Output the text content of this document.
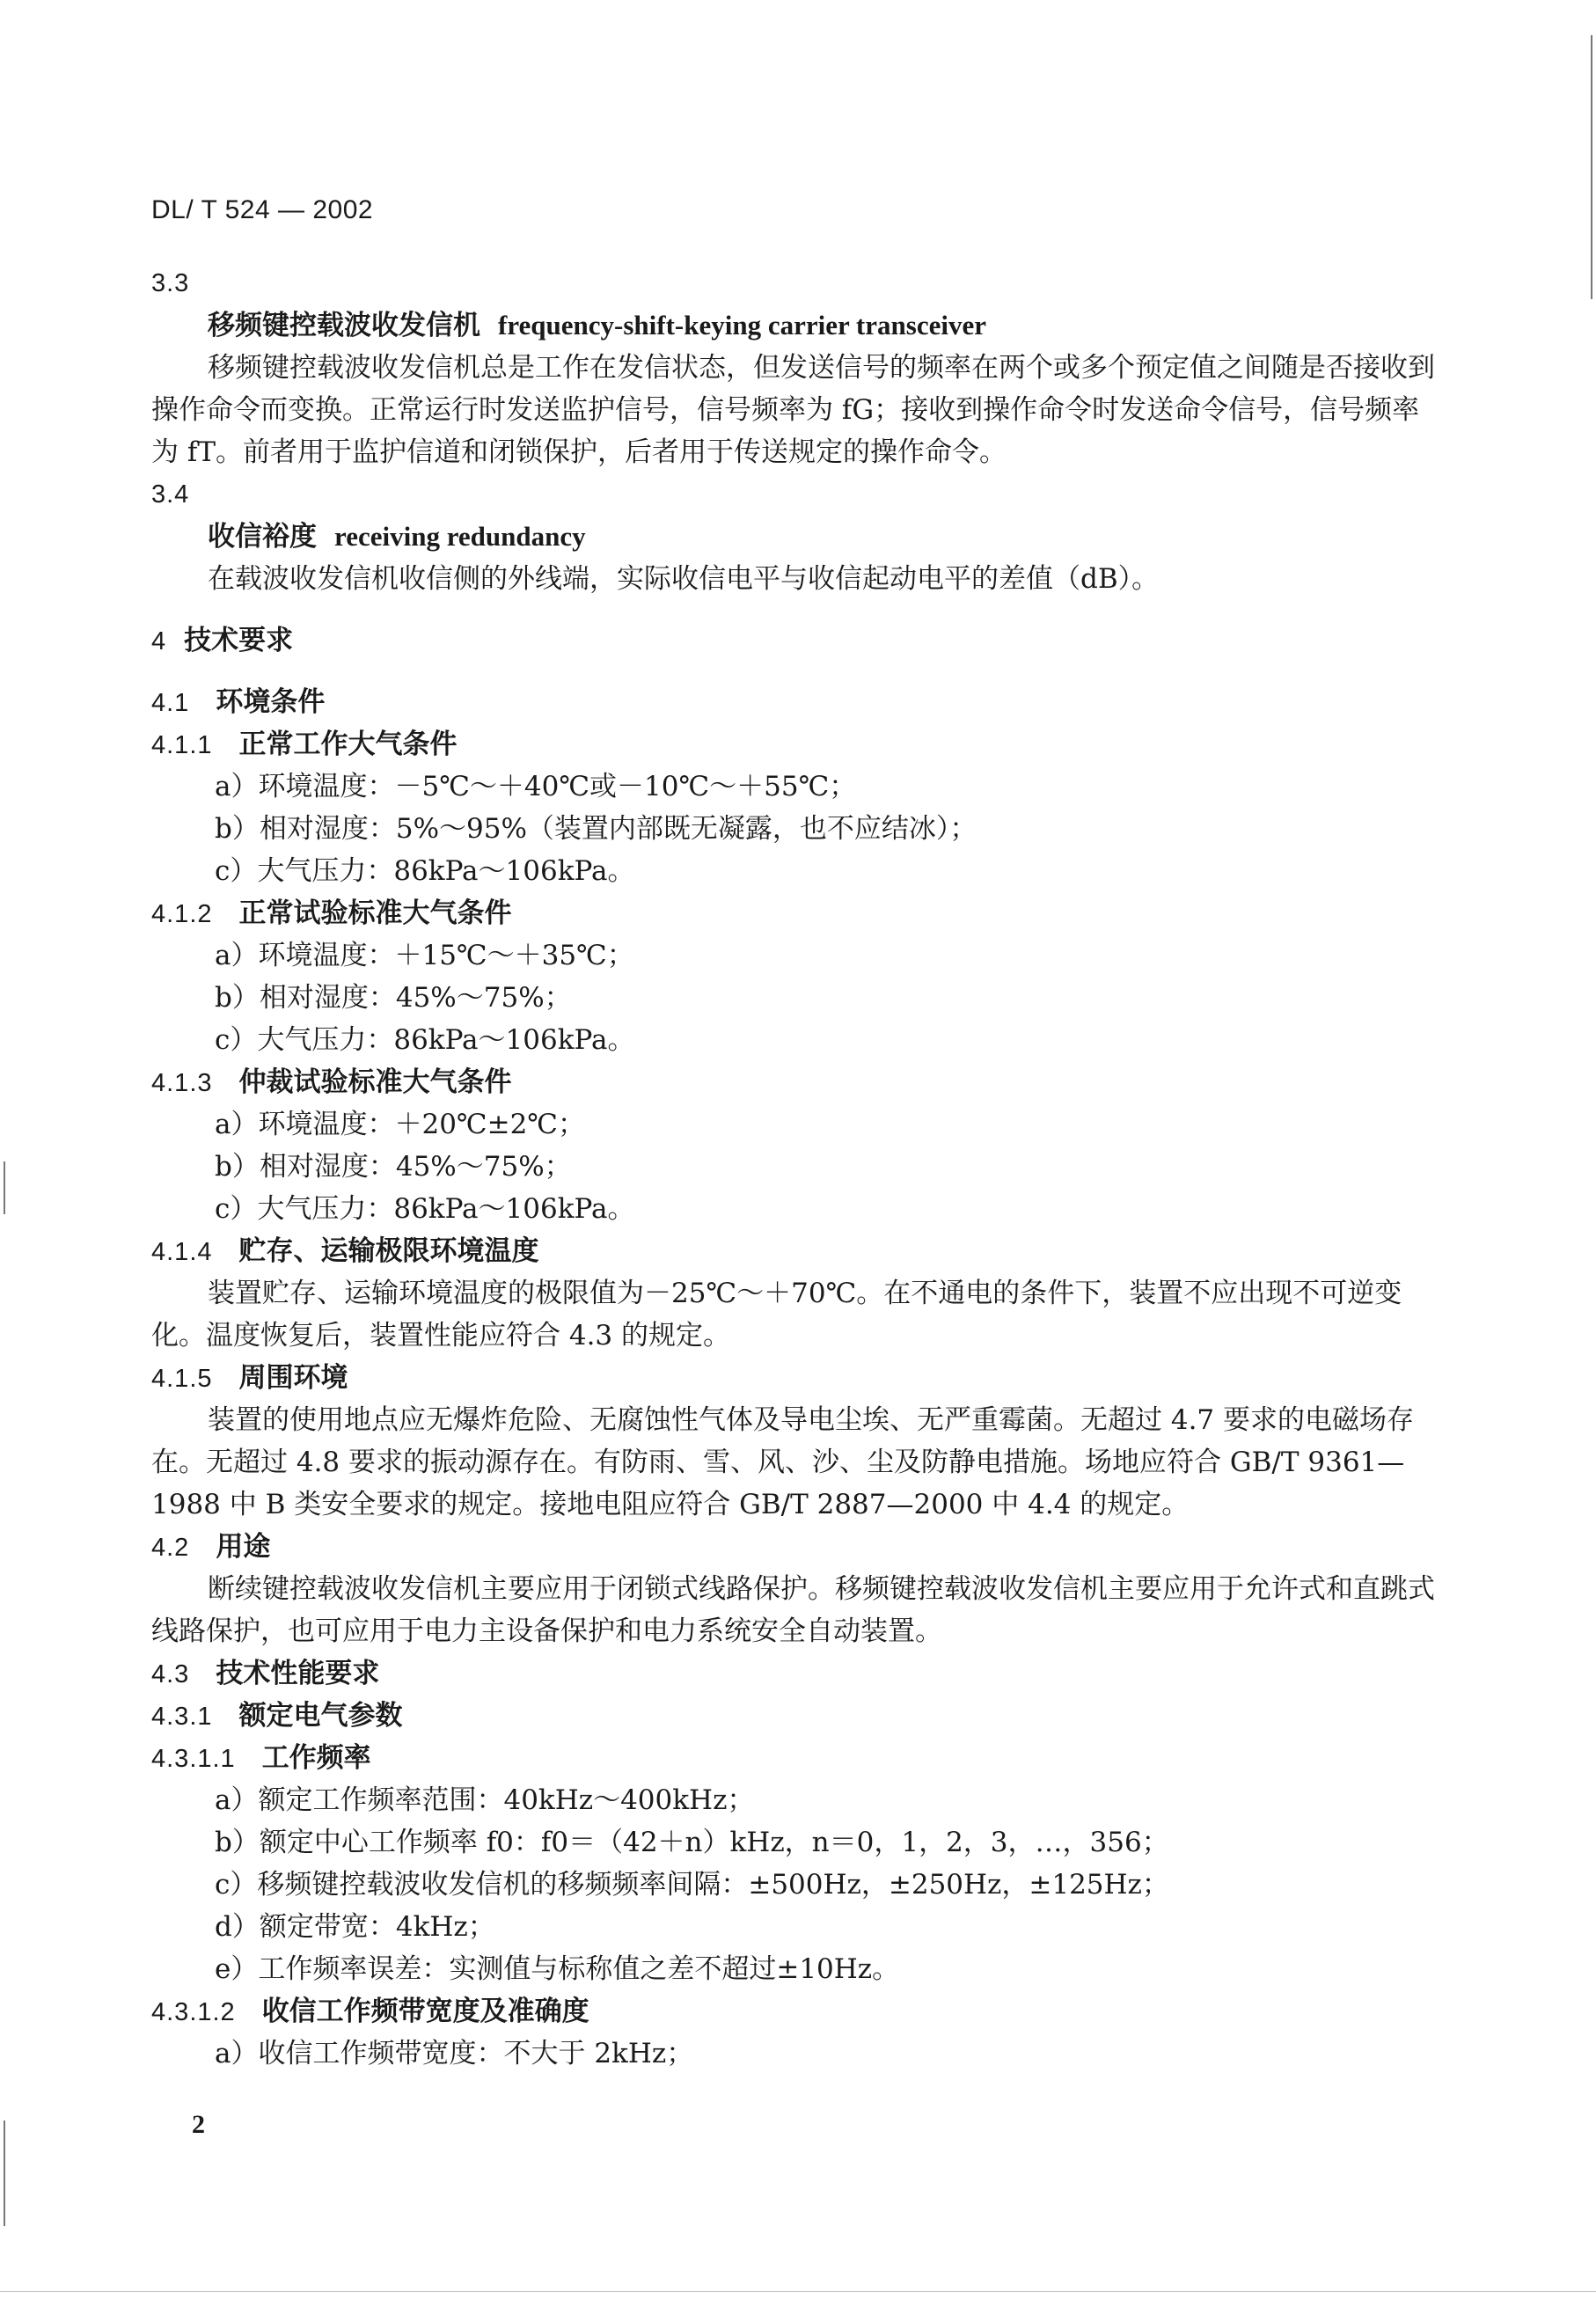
DL/ T 524 — 2002
3.3
移频键控载波收发信机 frequency-shift-keying carrier transceiver
移频键控载波收发信机总是工作在发信状态，但发送信号的频率在两个或多个预定值之间随是否接收到操作命令而变换。正常运行时发送监护信号，信号频率为 fG；接收到操作命令时发送命令信号，信号频率为 fT。前者用于监护信道和闭锁保护，后者用于传送规定的操作命令。
3.4
收信裕度 receiving redundancy
在载波收发信机收信侧的外线端，实际收信电平与收信起动电平的差值（dB）。
4 技术要求
4.1 环境条件
4.1.1 正常工作大气条件
a）环境温度：－5℃～＋40℃或－10℃～＋55℃；
b）相对湿度：5%～95%（装置内部既无凝露，也不应结冰）；
c）大气压力：86kPa～106kPa。
4.1.2 正常试验标准大气条件
a）环境温度：＋15℃～＋35℃；
b）相对湿度：45%～75%；
c）大气压力：86kPa～106kPa。
4.1.3 仲裁试验标准大气条件
a）环境温度：＋20℃±2℃；
b）相对湿度：45%～75%；
c）大气压力：86kPa～106kPa。
4.1.4 贮存、运输极限环境温度
装置贮存、运输环境温度的极限值为－25℃～＋70℃。在不通电的条件下，装置不应出现不可逆变化。温度恢复后，装置性能应符合 4.3 的规定。
4.1.5 周围环境
装置的使用地点应无爆炸危险、无腐蚀性气体及导电尘埃、无严重霉菌。无超过 4.7 要求的电磁场存在。无超过 4.8 要求的振动源存在。有防雨、雪、风、沙、尘及防静电措施。场地应符合 GB/T 9361—1988 中 B 类安全要求的规定。接地电阻应符合 GB/T 2887—2000 中 4.4 的规定。
4.2 用途
断续键控载波收发信机主要应用于闭锁式线路保护。移频键控载波收发信机主要应用于允许式和直跳式线路保护，也可应用于电力主设备保护和电力系统安全自动装置。
4.3 技术性能要求
4.3.1 额定电气参数
4.3.1.1 工作频率
a）额定工作频率范围：40kHz～400kHz；
b）额定中心工作频率 f0：f0＝（42＋n）kHz，n＝0，1，2，3，…，356；
c）移频键控载波收发信机的移频频率间隔：±500Hz，±250Hz，±125Hz；
d）额定带宽：4kHz；
e）工作频率误差：实测值与标称值之差不超过±10Hz。
4.3.1.2 收信工作频带宽度及准确度
a）收信工作频带宽度：不大于 2kHz；
2
